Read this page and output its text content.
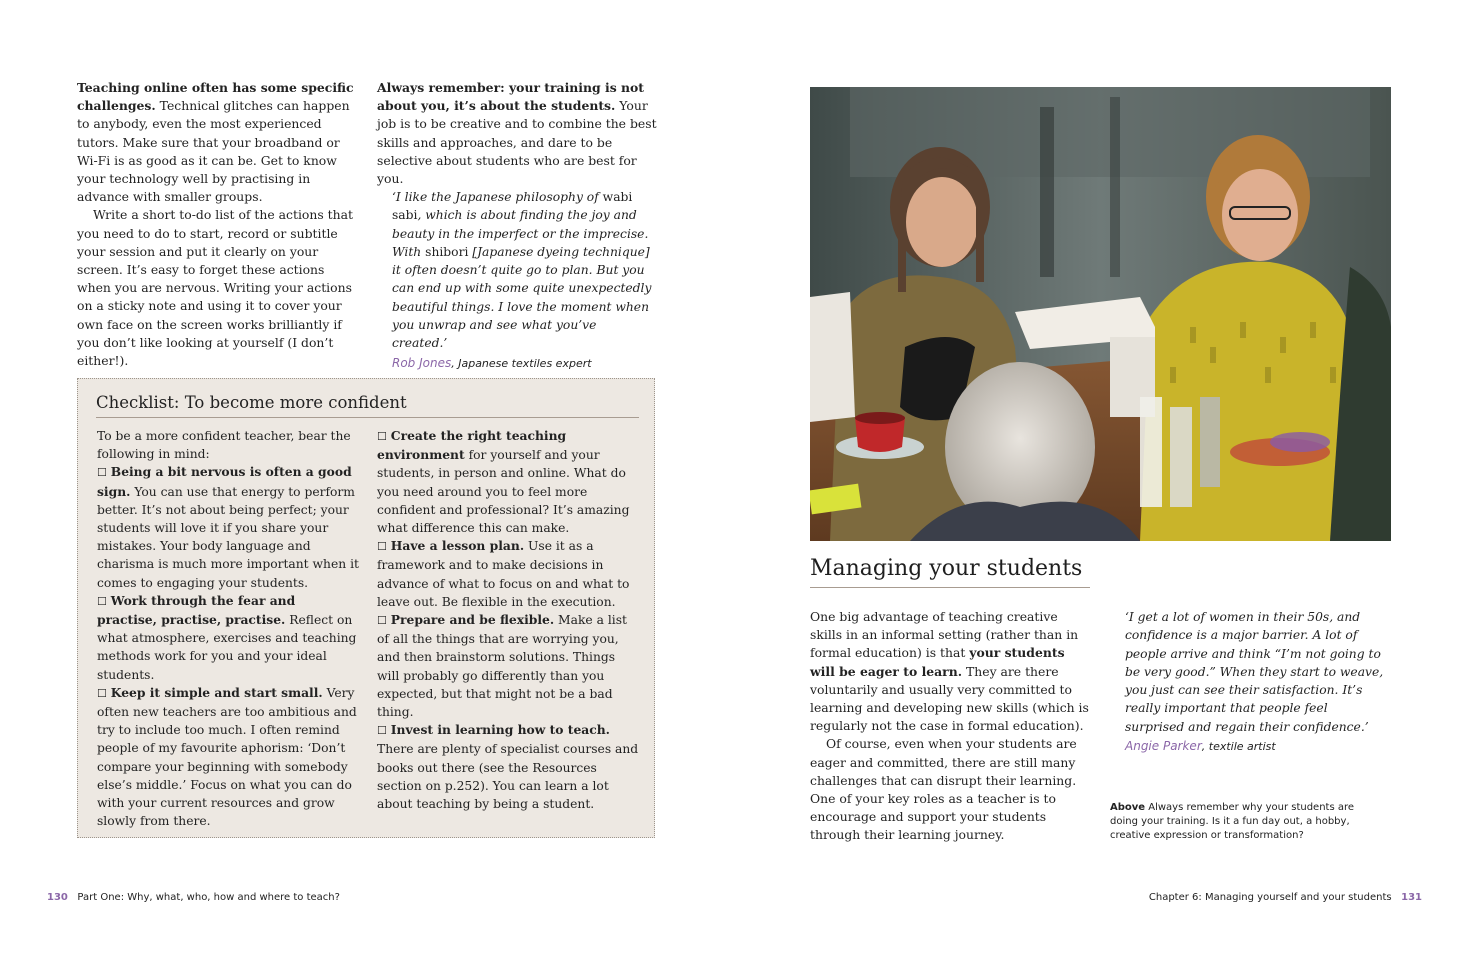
Teaching online often has some specific challenges. Technical glitches can happen to anybody, even the most experienced tutors. Make sure that your broadband or Wi-Fi is as good as it can be. Get to know your technology well by practising in advance with smaller groups.

Write a short to-do list of the actions that you need to do to start, record or subtitle your session and put it clearly on your screen. It’s easy to forget these actions when you are nervous. Writing your actions on a sticky note and using it to cover your own face on the screen works brilliantly if you don’t like looking at yourself (I don’t either!).

Always remember: your training is not about you, it’s about the students. Your job is to be creative and to combine the best skills and approaches, and dare to be selective about students who are best for you.

‘I like the Japanese philosophy of wabi sabi, which is about finding the joy and beauty in the imperfect or the imprecise. With shibori [Japanese dyeing technique] it often doesn’t quite go to plan. But you can end up with some quite unexpectedly beautiful things. I love the moment when you unwrap and see what you’ve created.’

Rob Jones, Japanese textiles expert
Checklist: To become more confident

To be a more confident teacher, bear the following in mind:

☐ Being a bit nervous is often a good sign. You can use that energy to perform better. It’s not about being perfect; your students will love it if you share your mistakes. Your body language and charisma is much more important when it comes to engaging your students.

☐ Work through the fear and practise, practise, practise. Reflect on what atmosphere, exercises and teaching methods work for you and your ideal students.

☐ Keep it simple and start small. Very often new teachers are too ambitious and try to include too much. I often remind people of my favourite aphorism: ‘Don’t compare your beginning with somebody else’s middle.’ Focus on what you can do with your current resources and grow slowly from there.

☐ Create the right teaching environment for yourself and your students, in person and online. What do you need around you to feel more confident and professional? It’s amazing what difference this can make.

☐ Have a lesson plan. Use it as a framework and to make decisions in advance of what to focus on and what to leave out. Be flexible in the execution.

☐ Prepare and be flexible. Make a list of all the things that are worrying you, and then brainstorm solutions. Things will probably go differently than you expected, but that might not be a bad thing.

☐ Invest in learning how to teach. There are plenty of specialist courses and books out there (see the Resources section on p.252). You can learn a lot about teaching by being a student.

130 Part One: Why, what, who, how and where to teach?
Managing your students

One big advantage of teaching creative skills in an informal setting (rather than in formal education) is that your students will be eager to learn. They are there voluntarily and usually very committed to learning and developing new skills (which is regularly not the case in formal education).

Of course, even when your students are eager and committed, there are still many challenges that can disrupt their learning. One of your key roles as a teacher is to encourage and support your students through their learning journey.

‘I get a lot of women in their 50s, and confidence is a major barrier. A lot of people arrive and think “I’m not going to be very good.” When they start to weave, you just can see their satisfaction. It’s really important that people feel surprised and regain their confidence.’

Angie Parker, textile artist
Above Always remember why your students are doing your training. Is it a fun day out, a hobby, creative expression or transformation?
Chapter 6: Managing yourself and your students 131
